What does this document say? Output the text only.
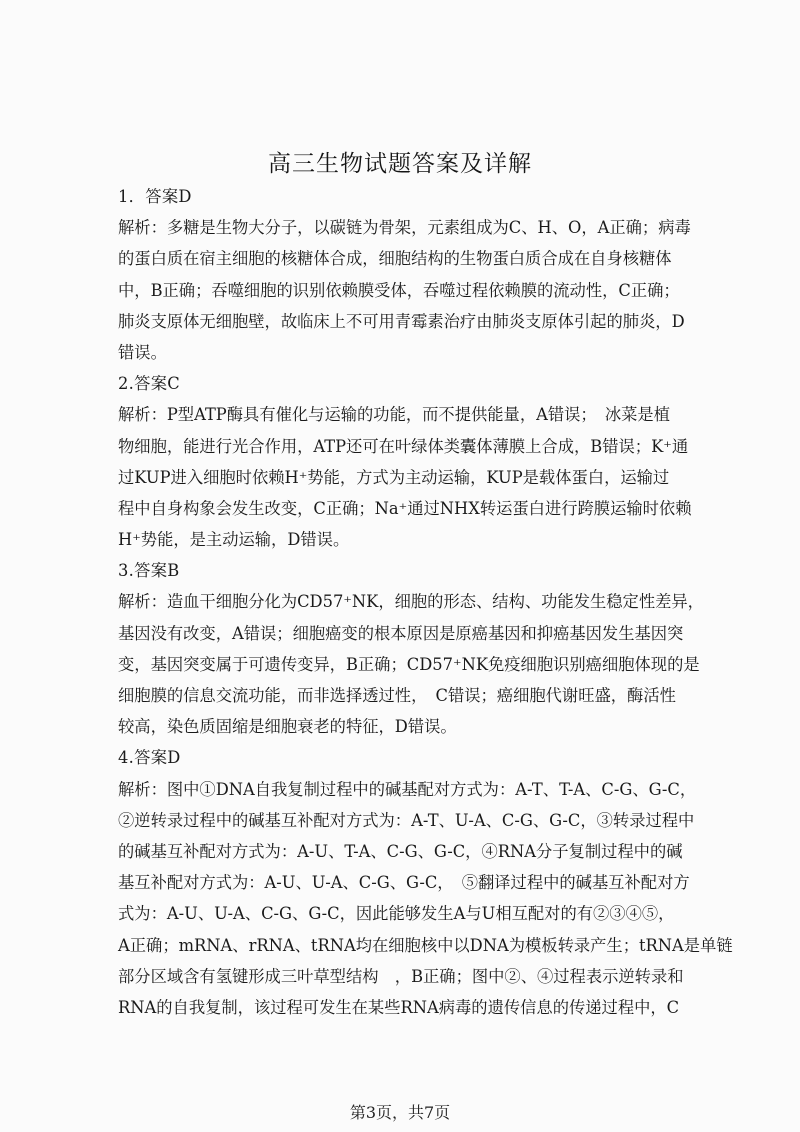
高三生物试题答案及详解
1．答案D
解析：多糖是生物大分子，以碳链为骨架，元素组成为C、H、O，A正确；病毒
的蛋白质在宿主细胞的核糖体合成，细胞结构的生物蛋白质合成在自身核糖体
中，B正确；吞噬细胞的识别依赖膜受体，吞噬过程依赖膜的流动性，C正确；
肺炎支原体无细胞壁，故临床上不可用青霉素治疗由肺炎支原体引起的肺炎，D
错误。
2.答案C
解析：P型ATP酶具有催化与运输的功能，而不提供能量，A错误；　冰菜是植
物细胞，能进行光合作用，ATP还可在叶绿体类囊体薄膜上合成，B错误；K⁺通
过KUP进入细胞时依赖H⁺势能，方式为主动运输，KUP是载体蛋白，运输过
程中自身构象会发生改变，C正确；Na⁺通过NHX转运蛋白进行跨膜运输时依赖
H⁺势能，是主动运输，D错误。
3.答案B
解析：造血干细胞分化为CD57⁺NK，细胞的形态、结构、功能发生稳定性差异，
基因没有改变，A错误；细胞癌变的根本原因是原癌基因和抑癌基因发生基因突
变，基因突变属于可遗传变异，B正确；CD57⁺NK免疫细胞识别癌细胞体现的是
细胞膜的信息交流功能，而非选择透过性，　C错误；癌细胞代谢旺盛，酶活性
较高，染色质固缩是细胞衰老的特征，D错误。
4.答案D
解析：图中①DNA自我复制过程中的碱基配对方式为：A-T、T-A、C-G、G-C，
②逆转录过程中的碱基互补配对方式为：A-T、U-A、C-G、G-C，③转录过程中
的碱基互补配对方式为：A-U、T-A、C-G、G-C，④RNA分子复制过程中的碱
基互补配对方式为：A-U、U-A、C-G、G-C，　⑤翻译过程中的碱基互补配对方
式为：A-U、U-A、C-G、G-C，因此能够发生A与U相互配对的有②③④⑤，
A正确；mRNA、rRNA、tRNA均在细胞核中以DNA为模板转录产生；tRNA是单链
部分区域含有氢键形成三叶草型结构　，B正确；图中②、④过程表示逆转录和
RNA的自我复制，该过程可发生在某些RNA病毒的遗传信息的传递过程中，C
第3页，共7页
